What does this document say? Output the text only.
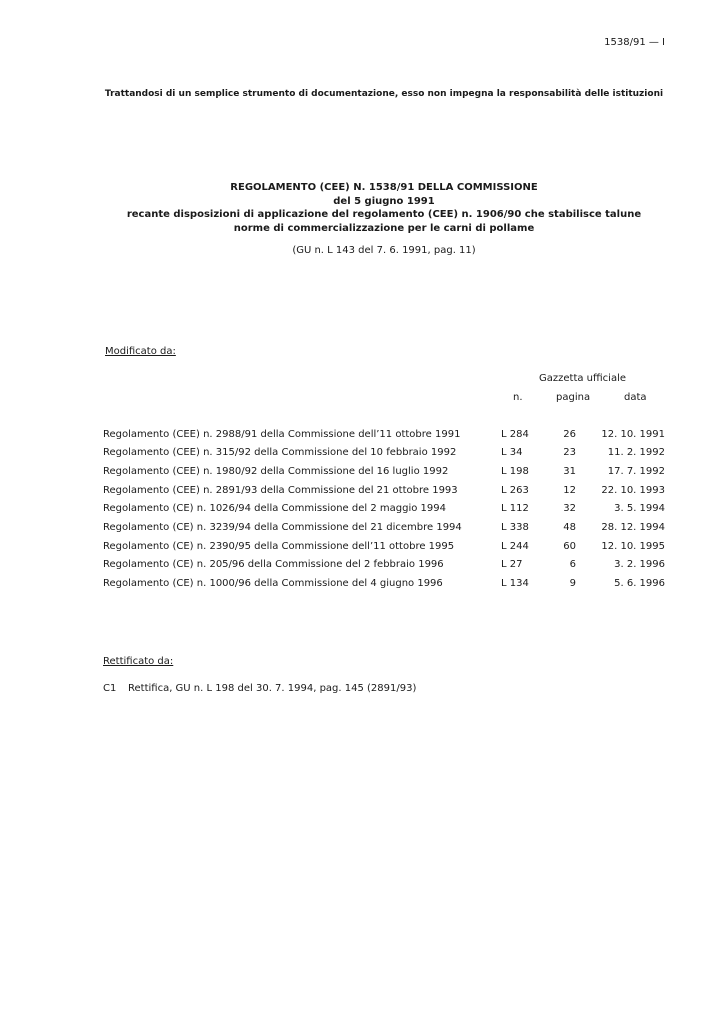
1538/91 — I
Trattandosi di un semplice strumento di documentazione, esso non impegna la responsabilità delle istituzioni
REGOLAMENTO (CEE) N. 1538/91 DELLA COMMISSIONE
del 5 giugno 1991
recante disposizioni di applicazione del regolamento (CEE) n. 1906/90 che stabilisce talune
norme di commercializzazione per le carni di pollame
(GU n. L 143 del 7. 6. 1991, pag. 11)
Modificato da:
Gazzetta ufficiale
n.	pagina	data
Regolamento (CEE) n. 2988/91 della Commissione dell’11 ottobre 1991	L 284	26	12. 10. 1991
Regolamento (CEE) n. 315/92 della Commissione del 10 febbraio 1992	L 34	23	11. 2. 1992
Regolamento (CEE) n. 1980/92 della Commissione del 16 luglio 1992	L 198	31	17. 7. 1992
Regolamento (CEE) n. 2891/93 della Commissione del 21 ottobre 1993	L 263	12	22. 10. 1993
Regolamento (CE) n. 1026/94 della Commissione del 2 maggio 1994	L 112	32	3. 5. 1994
Regolamento (CE) n. 3239/94 della Commissione del 21 dicembre 1994	L 338	48	28. 12. 1994
Regolamento (CE) n. 2390/95 della Commissione dell’11 ottobre 1995	L 244	60	12. 10. 1995
Regolamento (CE) n. 205/96 della Commissione del 2 febbraio 1996	L 27	6	3. 2. 1996
Regolamento (CE) n. 1000/96 della Commissione del 4 giugno 1996	L 134	9	5. 6. 1996
Rettificato da:
C1 Rettifica, GU n. L 198 del 30. 7. 1994, pag. 145 (2891/93)
